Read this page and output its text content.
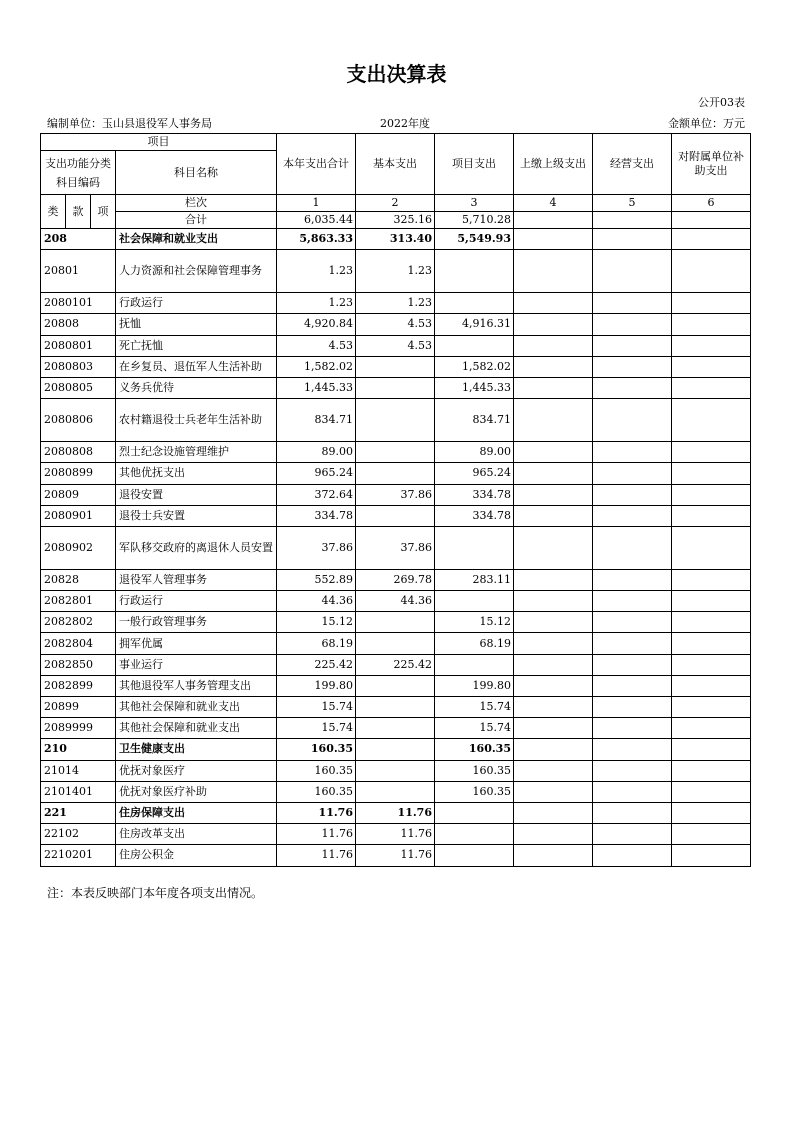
支出决算表
公开03表
编制单位：玉山县退役军人事务局	2022年度	金额单位：万元
项目				本年支出合计	基本支出	项目支出	上缴上级支出	经营支出	对附属单位补助支出
支出功能分类科目编码			科目名称						
类	款	项	栏次	1	2	3	4	5	6
			合计	6,035.44	325.16	5,710.28			
208			社会保障和就业支出	5,863.33	313.40	5,549.93			
20801			人力资源和社会保障管理事务	1.23	1.23				
2080101			行政运行	1.23	1.23				
20808			抚恤	4,920.84	4.53	4,916.31			
2080801			死亡抚恤	4.53	4.53				
2080803			在乡复员、退伍军人生活补助	1,582.02		1,582.02			
2080805			义务兵优待	1,445.33		1,445.33			
2080806			农村籍退役士兵老年生活补助	834.71		834.71			
2080808			烈士纪念设施管理维护	89.00		89.00			
2080899			其他优抚支出	965.24		965.24			
20809			退役安置	372.64	37.86	334.78			
2080901			退役士兵安置	334.78		334.78			
2080902			军队移交政府的离退休人员安置	37.86	37.86				
20828			退役军人管理事务	552.89	269.78	283.11			
2082801			行政运行	44.36	44.36				
2082802			一般行政管理事务	15.12		15.12			
2082804			拥军优属	68.19		68.19			
2082850			事业运行	225.42	225.42				
2082899			其他退役军人事务管理支出	199.80		199.80			
20899			其他社会保障和就业支出	15.74		15.74			
2089999			其他社会保障和就业支出	15.74		15.74			
210			卫生健康支出	160.35		160.35			
21014			优抚对象医疗	160.35		160.35			
2101401			优抚对象医疗补助	160.35		160.35			
221			住房保障支出	11.76	11.76				
22102			住房改革支出	11.76	11.76				
2210201			住房公积金	11.76	11.76				
注：本表反映部门本年度各项支出情况。
